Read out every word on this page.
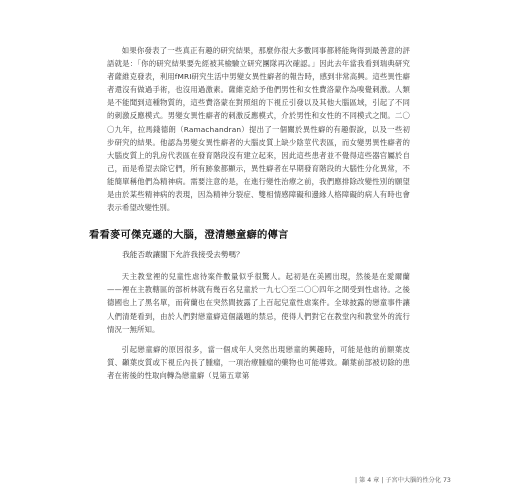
如果你發表了一些真正有趣的研究結果，那麼你很大多數同事都將能夠得到最善意的評語就是：「你的研究結果要先經被其檢驗立研究團隊再次確認。」因此去年當我看到瑞典研究者薩維克發表，利用fMRI研究生活中男變女異性癖者的報告時，感到非常高興。這些異性癖者還沒有做過手術，也沒用過激素。薩維克給予他們男性和女性費洛蒙作為嗅覺刺激。人類是不能聞到這種物質的，這些費洛蒙在對照組的下視丘引發以及其他大腦區域，引起了不同的刺激反應模式。男變女異性癖者的刺激反應模式，介於男性和女性的不同模式之間。二〇〇九年，拉馬錢德朗（Ramachandran）提出了一個關於異性癖的有趣假說，以及一些初步研究的結果。他認為男變女異性癖者的大腦皮質上缺少陰莖代表區，而女變男異性癖者的大腦皮質上的乳房代表區在發育階段沒有建立起來，因此這些患者並不覺得這些器官屬於自己，而是希望去除它們，所有跡象都顯示，異性癖者在早期發育階段的大腦性分化異常，不能簡單稱他們為精神病。需要注意的是，在進行變性治療之前，我們應排除改變性別的願望是由於某些精神病的表現，因為精神分裂症、雙相情感障礙和邊緣人格障礙的病人有時也會表示希望改變性別。

看看麥可傑克遜的大腦，澄清戀童癖的傳言
我能否敢讓閣下允許我接受去勢嗎？

天主教堂裡的兒童性虐待案件數量似乎很驚人。起初是在美國出現，然後是在愛爾蘭——裡在主教轄區的部析林就有幾百名兒童於一九七〇至二〇〇四年之間受到性虐待。之後德國也上了黑名單，而荷蘭也在突然間披露了上百起兒童性虐案件。全球披露的戀童事件讓人們清楚看到，由於人們對戀童癖這個議題的禁忌，使得人們對它在教堂內和教堂外的流行情況一無所知。

引起戀童癖的原因很多，當一個成年人突然出現戀童的興趣時，可能是他的前額葉皮質、顳葉皮質或下視丘內長了腫瘤，一項治療腫瘤的藥物也可能導致。顳葉前部被切除的患者在術後的性取向轉為戀童癖（見第五章第

| 第 4 章 | 子宮中大腦的性分化 73
